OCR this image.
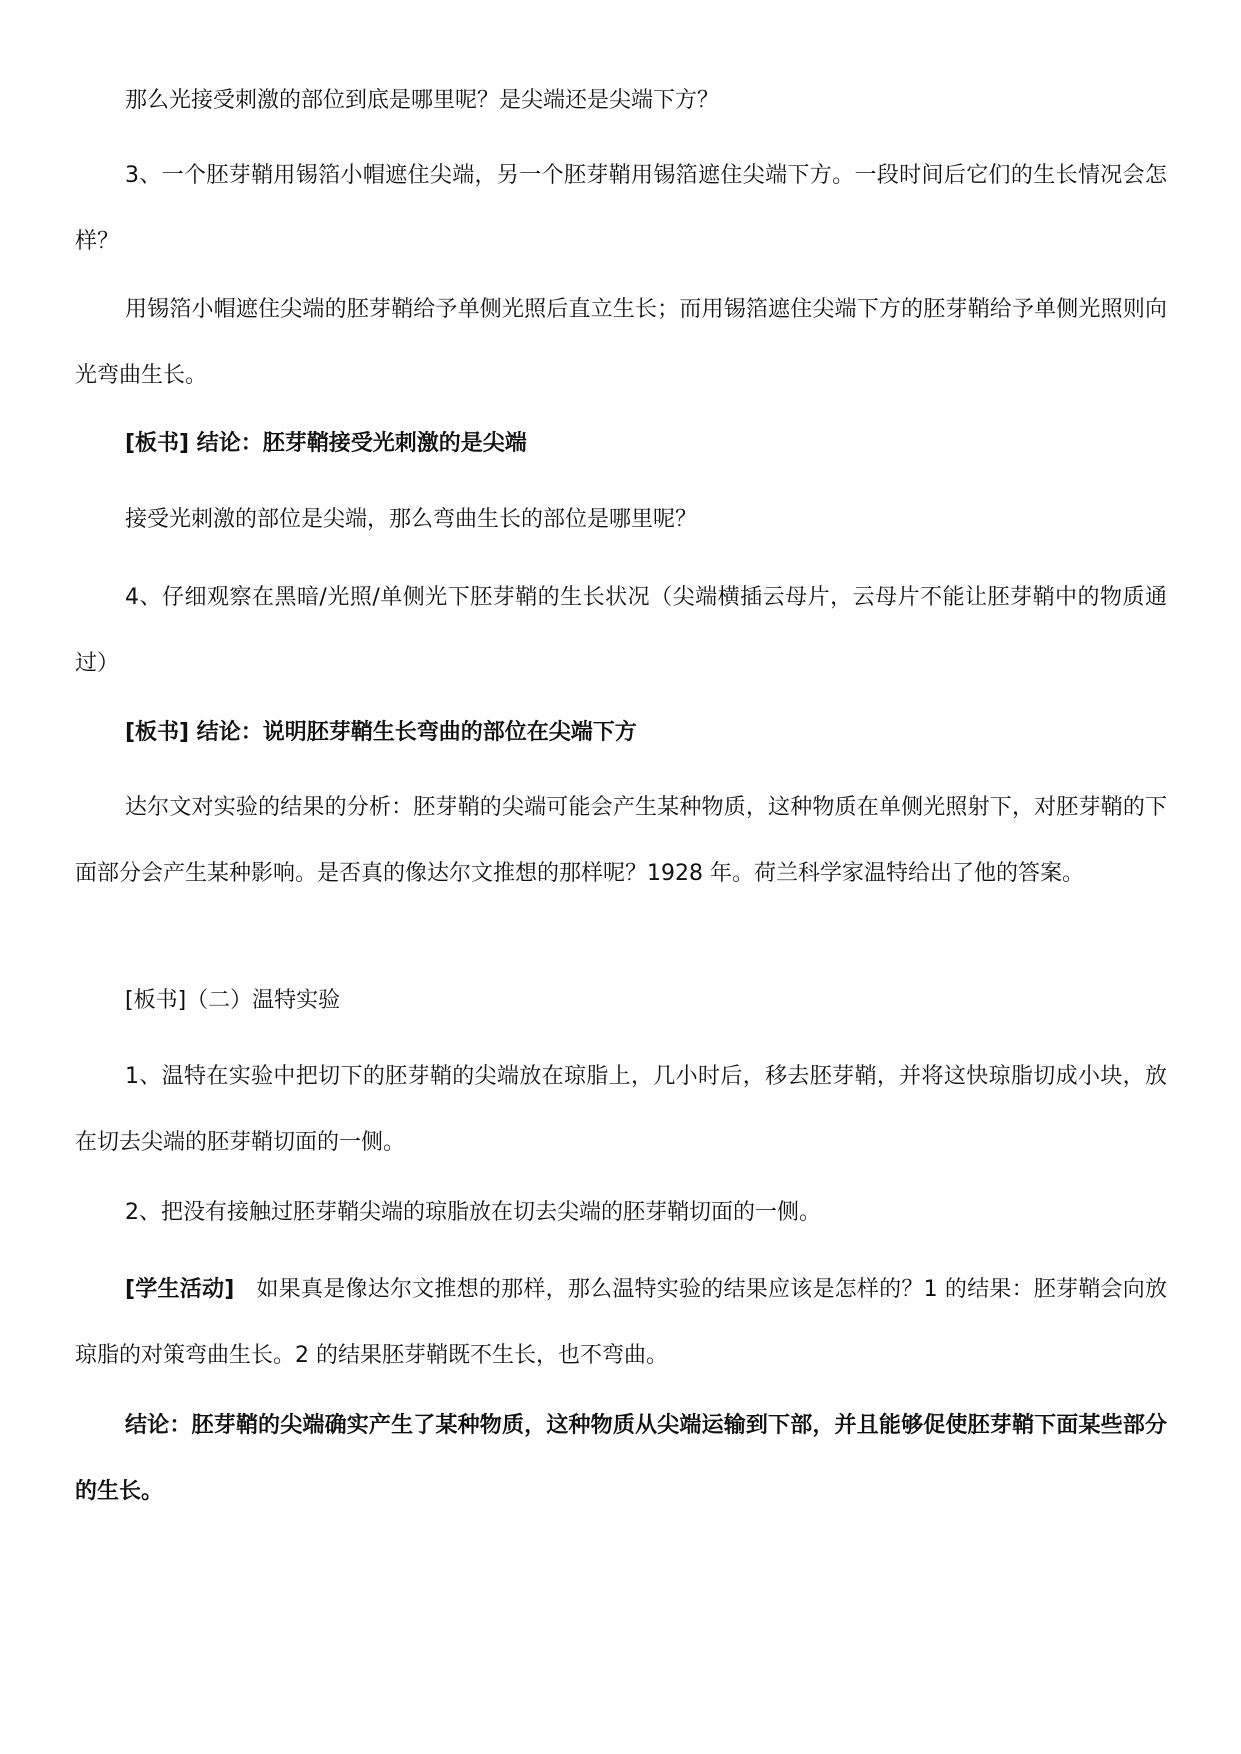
那么光接受刺激的部位到底是哪里呢？是尖端还是尖端下方？

3、一个胚芽鞘用锡箔小帽遮住尖端，另一个胚芽鞘用锡箔遮住尖端下方。一段时间后它们的生长情况会怎样？

用锡箔小帽遮住尖端的胚芽鞘给予单侧光照后直立生长；而用锡箔遮住尖端下方的胚芽鞘给予单侧光照则向光弯曲生长。

[板书] 结论：胚芽鞘接受光刺激的是尖端

接受光刺激的部位是尖端，那么弯曲生长的部位是哪里呢？

4、仔细观察在黑暗/光照/单侧光下胚芽鞘的生长状况（尖端横插云母片，云母片不能让胚芽鞘中的物质通过）

[板书] 结论：说明胚芽鞘生长弯曲的部位在尖端下方

达尔文对实验的结果的分析：胚芽鞘的尖端可能会产生某种物质，这种物质在单侧光照射下，对胚芽鞘的下面部分会产生某种影响。是否真的像达尔文推想的那样呢？1928 年。荷兰科学家温特给出了他的答案。

[板书]（二）温特实验

1、温特在实验中把切下的胚芽鞘的尖端放在琼脂上，几小时后，移去胚芽鞘，并将这快琼脂切成小块，放在切去尖端的胚芽鞘切面的一侧。

2、把没有接触过胚芽鞘尖端的琼脂放在切去尖端的胚芽鞘切面的一侧。

[学生活动] 如果真是像达尔文推想的那样，那么温特实验的结果应该是怎样的？1 的结果：胚芽鞘会向放琼脂的对策弯曲生长。2 的结果胚芽鞘既不生长，也不弯曲。

结论：胚芽鞘的尖端确实产生了某种物质，这种物质从尖端运输到下部，并且能够促使胚芽鞘下面某些部分的生长。
